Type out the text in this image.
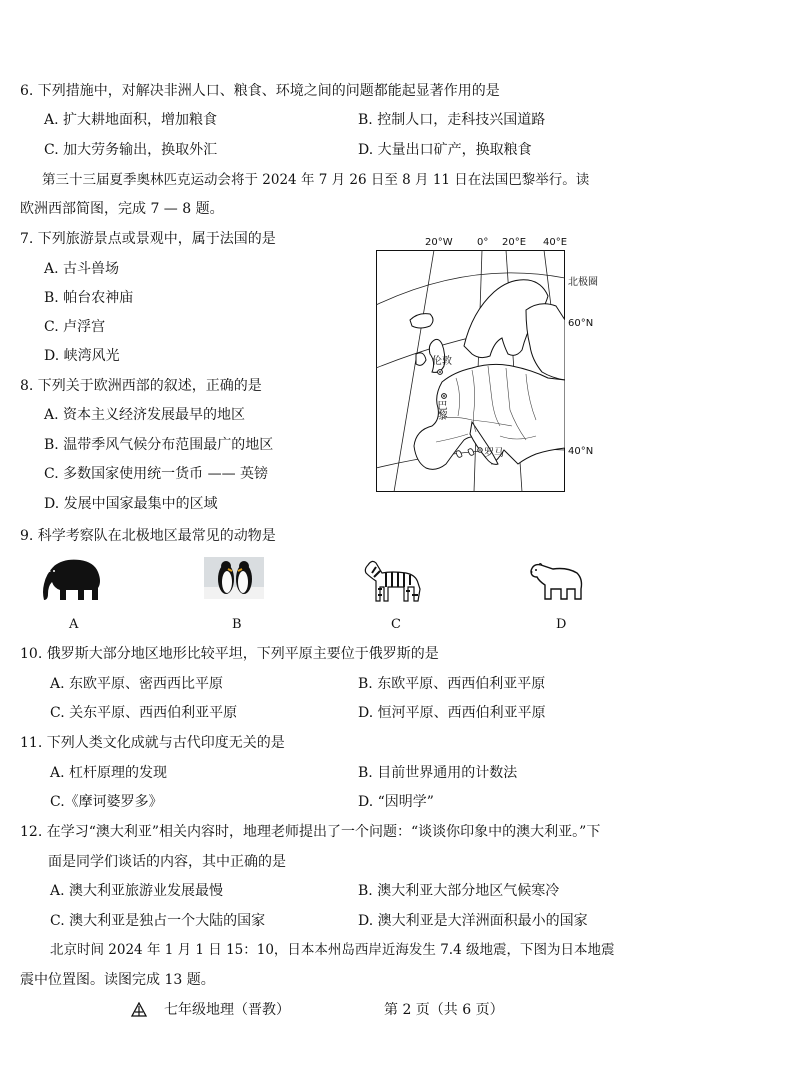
6. 下列措施中，对解决非洲人口、粮食、环境之间的问题都能起显著作用的是
A. 扩大耕地面积，增加粮食	B. 控制人口，走科技兴国道路
C. 加大劳务输出，换取外汇	D. 大量出口矿产，换取粮食
第三十三届夏季奥林匹克运动会将于 2024 年 7 月 26 日至 8 月 11 日在法国巴黎举行。读
欧洲西部简图，完成 7 — 8 题。
7. 下列旅游景点或景观中，属于法国的是
A. 古斗兽场
B. 帕台农神庙
C. 卢浮宫
D. 峡湾风光
8. 下列关于欧洲西部的叙述，正确的是
A. 资本主义经济发展最早的地区
B. 温带季风气候分布范围最广的地区
C. 多数国家使用统一货币 —— 英镑
D. 发展中国家最集中的区域
20°W 0° 20°E 40°E
北极圈
60°N
40°N
伦敦
巴黎
罗马
9. 科学考察队在北极地区最常见的动物是
A	B	C	D
10. 俄罗斯大部分地区地形比较平坦，下列平原主要位于俄罗斯的是
A. 东欧平原、密西西比平原	B. 东欧平原、西西伯利亚平原
C. 关东平原、西西伯利亚平原	D. 恒河平原、西西伯利亚平原
11. 下列人类文化成就与古代印度无关的是
A. 杠杆原理的发现	B. 目前世界通用的计数法
C.《摩诃婆罗多》	D. “因明学”
12. 在学习“澳大利亚”相关内容时，地理老师提出了一个问题：“谈谈你印象中的澳大利亚。”下
面是同学们谈话的内容，其中正确的是
A. 澳大利亚旅游业发展最慢	B. 澳大利亚大部分地区气候寒冷
C. 澳大利亚是独占一个大陆的国家	D. 澳大利亚是大洋洲面积最小的国家
北京时间 2024 年 1 月 1 日 15：10，日本本州岛西岸近海发生 7.4 级地震，下图为日本地震
震中位置图。读图完成 13 题。
七年级地理（晋教）	第 2 页（共 6 页）
